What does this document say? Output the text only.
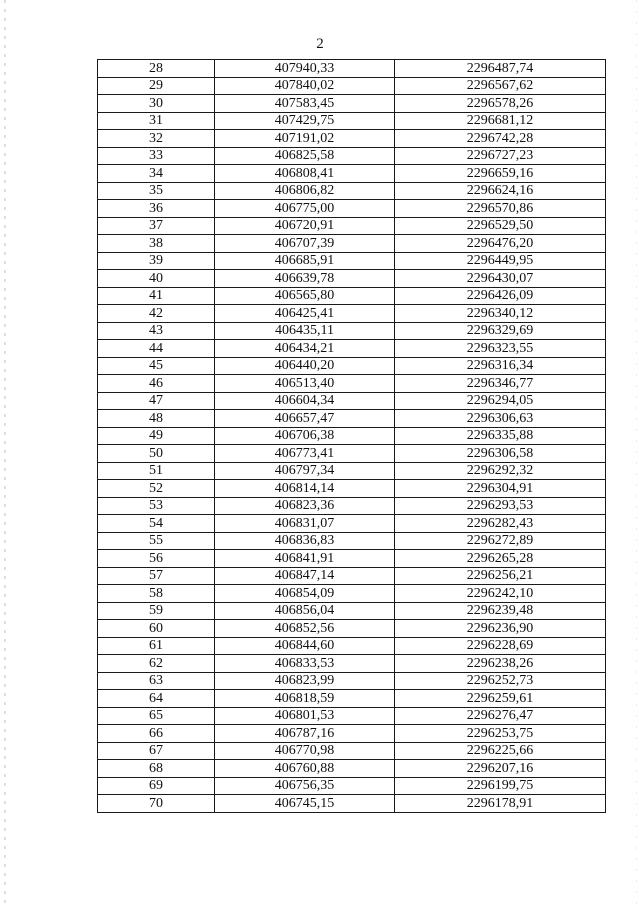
2
28	407940,33	2296487,74
29	407840,02	2296567,62
30	407583,45	2296578,26
31	407429,75	2296681,12
32	407191,02	2296742,28
33	406825,58	2296727,23
34	406808,41	2296659,16
35	406806,82	2296624,16
36	406775,00	2296570,86
37	406720,91	2296529,50
38	406707,39	2296476,20
39	406685,91	2296449,95
40	406639,78	2296430,07
41	406565,80	2296426,09
42	406425,41	2296340,12
43	406435,11	2296329,69
44	406434,21	2296323,55
45	406440,20	2296316,34
46	406513,40	2296346,77
47	406604,34	2296294,05
48	406657,47	2296306,63
49	406706,38	2296335,88
50	406773,41	2296306,58
51	406797,34	2296292,32
52	406814,14	2296304,91
53	406823,36	2296293,53
54	406831,07	2296282,43
55	406836,83	2296272,89
56	406841,91	2296265,28
57	406847,14	2296256,21
58	406854,09	2296242,10
59	406856,04	2296239,48
60	406852,56	2296236,90
61	406844,60	2296228,69
62	406833,53	2296238,26
63	406823,99	2296252,73
64	406818,59	2296259,61
65	406801,53	2296276,47
66	406787,16	2296253,75
67	406770,98	2296225,66
68	406760,88	2296207,16
69	406756,35	2296199,75
70	406745,15	2296178,91
